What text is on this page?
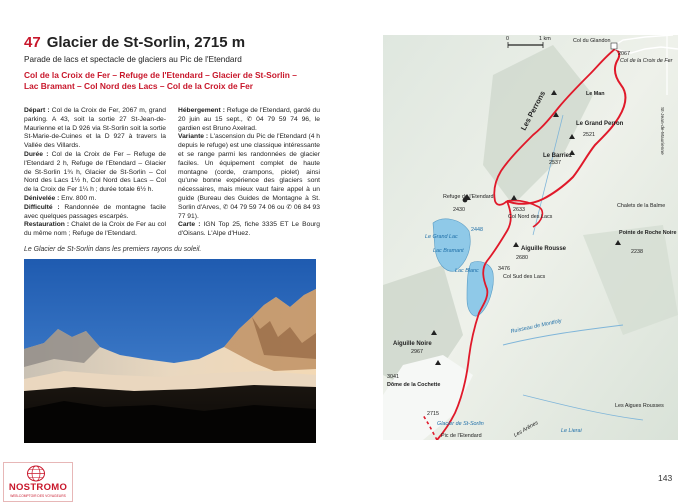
47 Glacier de St-Sorlin, 2715 m
Parade de lacs et spectacle de glaciers au Pic de l'Etendard
Col de la Croix de Fer – Refuge de l'Etendard – Glacier de St-Sorlin –
Lac Bramant – Col Nord des Lacs – Col de la Croix de Fer

Départ : Col de la Croix de Fer, 2067 m, grand parking. A 43, soit la sortie 27 St-Jean-de-Maurienne et la D 926 via St-Sorlin soit la sortie St-Marie-de-Cuines et la D 927 à travers la Vallée des Villards.

Durée : Col de la Croix de Fer – Refuge de l'Etendard 2 h, Refuge de l'Etendard – Glacier de St-Sorlin 1¾ h, Glacier de St-Sorlin – Col Nord des Lacs 1½ h, Col Nord des Lacs – Col de la Croix de Fer 1¼ h ; durée totale 6½ h.

Dénivelée : Env. 800 m.

Difficulté : Randonnée de montagne facile avec quelques passages escarpés.

Restauration : Chalet de la Croix de Fer au col du même nom ; Refuge de l'Etendard.

Hébergement : Refuge de l'Etendard, gardé du 20 juin au 15 sept., ✆ 04 79 59 74 96, le gardien est Bruno Axelrad.

Variante : L'ascension du Pic de l'Etendard (4 h depuis le refuge) est une classique intéressante et se range parmi les randonnées de glacier faciles. Un équipement complet de haute montagne (corde, crampons, piolet) ainsi qu'une bonne expérience des glaciers sont nécessaires, mais mieux vaut faire appel à un guide (Bureau des Guides de Montagne à St. Sorlin d'Arves, ✆ 04 79 59 74 06 ou ✆ 06 84 93 77 91).

Carte : IGN Top 25, fiche 3335 ET Le Bourg d'Oisans. L'Alpe d'Huez.

Le Glacier de St-Sorlin dans les premiers rayons du soleil.
0	1 km	Col du Glandon
2067
Col de la Croix de Fer
St-Jean-de-Maurienne
Le Man
Le Grand Perron
2521
Les Perrons
Le Barriez
2537
Refuge de l'Etendard
2430	2633
Col Nord des Lacs
Chalets de la Balme
Pointe de Roche Noire
2238
Le Grand Lac
Lac Bramant
2448
Aiguille Rousse
2680
Lac Blanc	3476
Col Sud des Lacs
Ruisseau de Montfoly
Aiguille Noire
2967
3041
Dôme de la Cochette
Les Aigues Rousses
2715
Les Arênes	Le Lierai
Glacier de St-Sorlin
Pic de l'Etendard
143
NOSTROMO
WEB-COMPTOIR DES VOYAGEURS
